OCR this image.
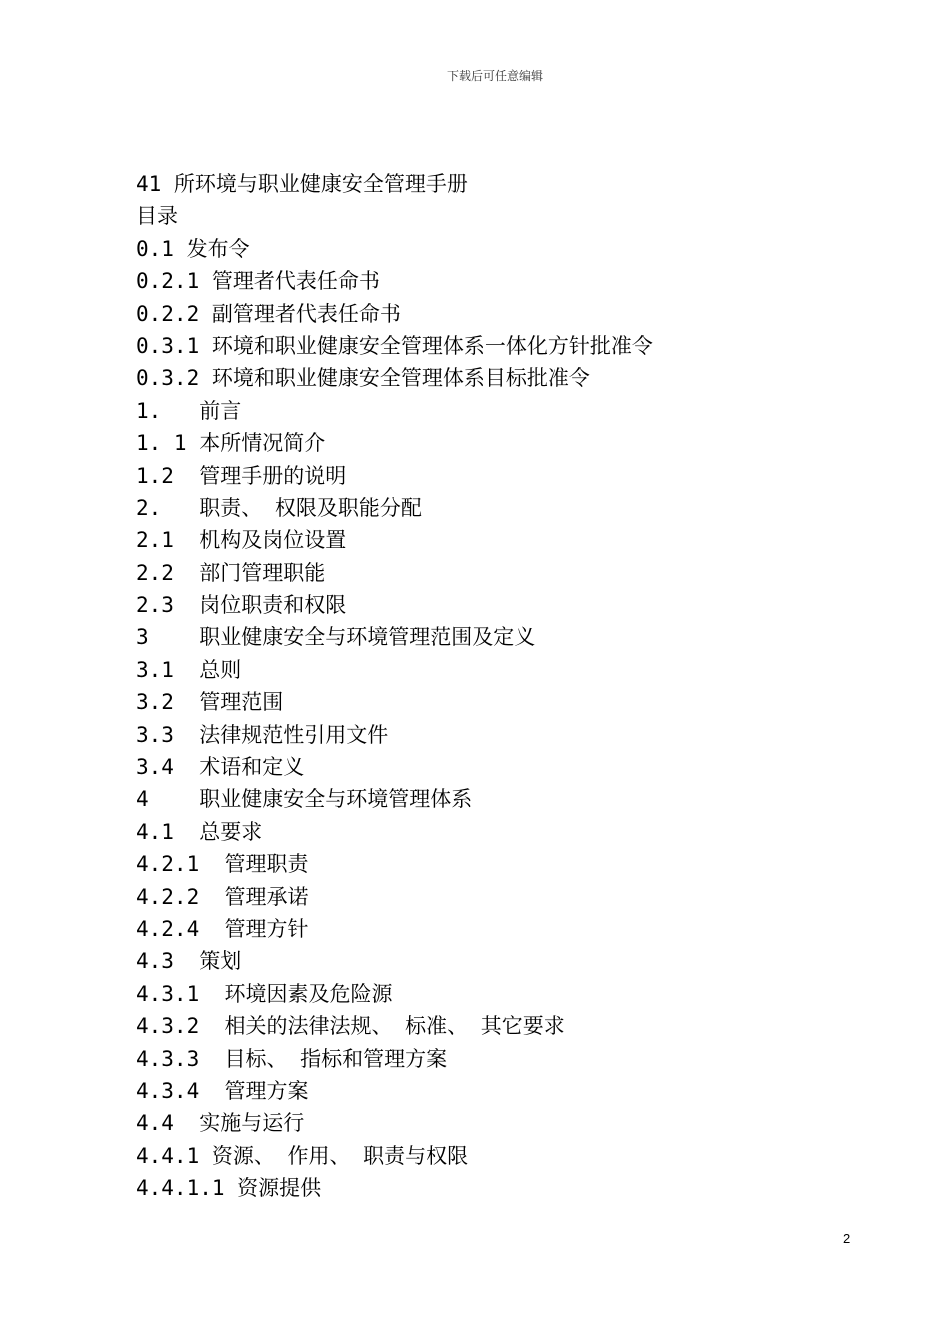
下载后可任意编辑
41 所环境与职业健康安全管理手册
目录
0.1 发布令
0.2.1 管理者代表任命书
0.2.2 副管理者代表任命书
0.3.1 环境和职业健康安全管理体系一体化方针批准令
0.3.2 环境和职业健康安全管理体系目标批准令
1.   前言
1. 1 本所情况简介
1.2  管理手册的说明
2.   职责、 权限及职能分配
2.1  机构及岗位设置
2.2  部门管理职能
2.3  岗位职责和权限
3    职业健康安全与环境管理范围及定义
3.1  总则
3.2  管理范围
3.3  法律规范性引用文件
3.4  术语和定义
4    职业健康安全与环境管理体系
4.1  总要求
4.2.1  管理职责
4.2.2  管理承诺
4.2.4  管理方针
4.3  策划
4.3.1  环境因素及危险源
4.3.2  相关的法律法规、 标准、 其它要求
4.3.3  目标、 指标和管理方案
4.3.4  管理方案
4.4  实施与运行
4.4.1 资源、 作用、 职责与权限
4.4.1.1 资源提供
2
